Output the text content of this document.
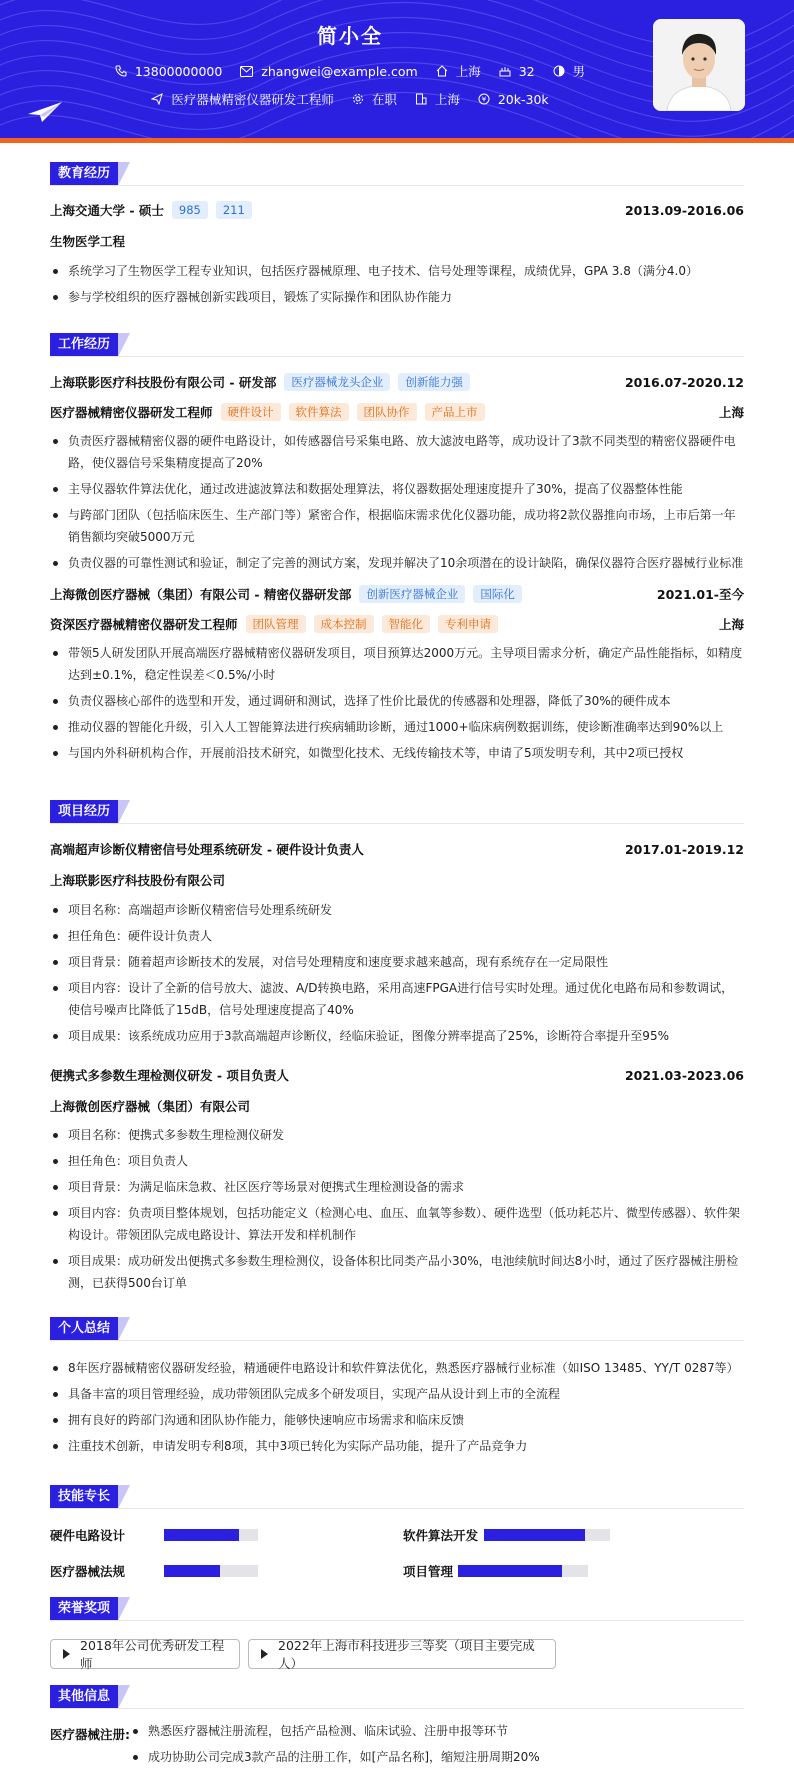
简小全
13800000000	zhangwei@example.com	上海	32	男
医疗器械精密仪器研发工程师	在职	上海	¥ 20k-30k
教育经历
上海交通大学 - 硕士	985	211	2013.09-2016.06
生物医学工程
系统学习了生物医学工程专业知识，包括医疗器械原理、电子技术、信号处理等课程，成绩优异，GPA 3.8（满分4.0）
参与学校组织的医疗器械创新实践项目，锻炼了实际操作和团队协作能力
工作经历
上海联影医疗科技股份有限公司 - 研发部	医疗器械龙头企业	创新能力强	2016.07-2020.12
医疗器械精密仪器研发工程师	硬件设计	软件算法	团队协作	产品上市	上海
负责医疗器械精密仪器的硬件电路设计，如传感器信号采集电路、放大滤波电路等，成功设计了3款不同类型的精密仪器硬件电路，使仪器信号采集精度提高了20%
主导仪器软件算法优化，通过改进滤波算法和数据处理算法，将仪器数据处理速度提升了30%，提高了仪器整体性能
与跨部门团队（包括临床医生、生产部门等）紧密合作，根据临床需求优化仪器功能，成功将2款仪器推向市场，上市后第一年销售额均突破5000万元
负责仪器的可靠性测试和验证，制定了完善的测试方案，发现并解决了10余项潜在的设计缺陷，确保仪器符合医疗器械行业标准
上海微创医疗器械（集团）有限公司 - 精密仪器研发部	创新医疗器械企业	国际化	2021.01-至今
资深医疗器械精密仪器研发工程师	团队管理	成本控制	智能化	专利申请	上海
带领5人研发团队开展高端医疗器械精密仪器研发项目，项目预算达2000万元。主导项目需求分析，确定产品性能指标，如精度达到±0.1%，稳定性误差＜0.5%/小时
负责仪器核心部件的选型和开发，通过调研和测试，选择了性价比最优的传感器和处理器，降低了30%的硬件成本
推动仪器的智能化升级，引入人工智能算法进行疾病辅助诊断，通过1000+临床病例数据训练，使诊断准确率达到90%以上
与国内外科研机构合作，开展前沿技术研究，如微型化技术、无线传输技术等，申请了5项发明专利，其中2项已授权
项目经历
高端超声诊断仪精密信号处理系统研发 - 硬件设计负责人	2017.01-2019.12
上海联影医疗科技股份有限公司
项目名称：高端超声诊断仪精密信号处理系统研发
担任角色：硬件设计负责人
项目背景：随着超声诊断技术的发展，对信号处理精度和速度要求越来越高，现有系统存在一定局限性
项目内容：设计了全新的信号放大、滤波、A/D转换电路，采用高速FPGA进行信号实时处理。通过优化电路布局和参数调试，使信号噪声比降低了15dB，信号处理速度提高了40%
项目成果：该系统成功应用于3款高端超声诊断仪，经临床验证，图像分辨率提高了25%，诊断符合率提升至95%
便携式多参数生理检测仪研发 - 项目负责人	2021.03-2023.06
上海微创医疗器械（集团）有限公司
项目名称：便携式多参数生理检测仪研发
担任角色：项目负责人
项目背景：为满足临床急救、社区医疗等场景对便携式生理检测设备的需求
项目内容：负责项目整体规划，包括功能定义（检测心电、血压、血氧等参数）、硬件选型（低功耗芯片、微型传感器）、软件架构设计。带领团队完成电路设计、算法开发和样机制作
项目成果：成功研发出便携式多参数生理检测仪，设备体积比同类产品小30%，电池续航时间达8小时，通过了医疗器械注册检测，已获得500台订单
个人总结
8年医疗器械精密仪器研发经验，精通硬件电路设计和软件算法优化，熟悉医疗器械行业标准（如ISO 13485、YY/T 0287等）
具备丰富的项目管理经验，成功带领团队完成多个研发项目，实现产品从设计到上市的全流程
拥有良好的跨部门沟通和团队协作能力，能够快速响应市场需求和临床反馈
注重技术创新，申请发明专利8项，其中3项已转化为实际产品功能，提升了产品竞争力
技能专长
硬件电路设计	软件算法开发
医疗器械法规	项目管理
荣誉奖项
2018年公司优秀研发工程师
2022年上海市科技进步三等奖（项目主要完成人）
其他信息
医疗器械注册:	熟悉医疗器械注册流程，包括产品检测、临床试验、注册申报等环节
成功协助公司完成3款产品的注册工作，如[产品名称]，缩短注册周期20%
